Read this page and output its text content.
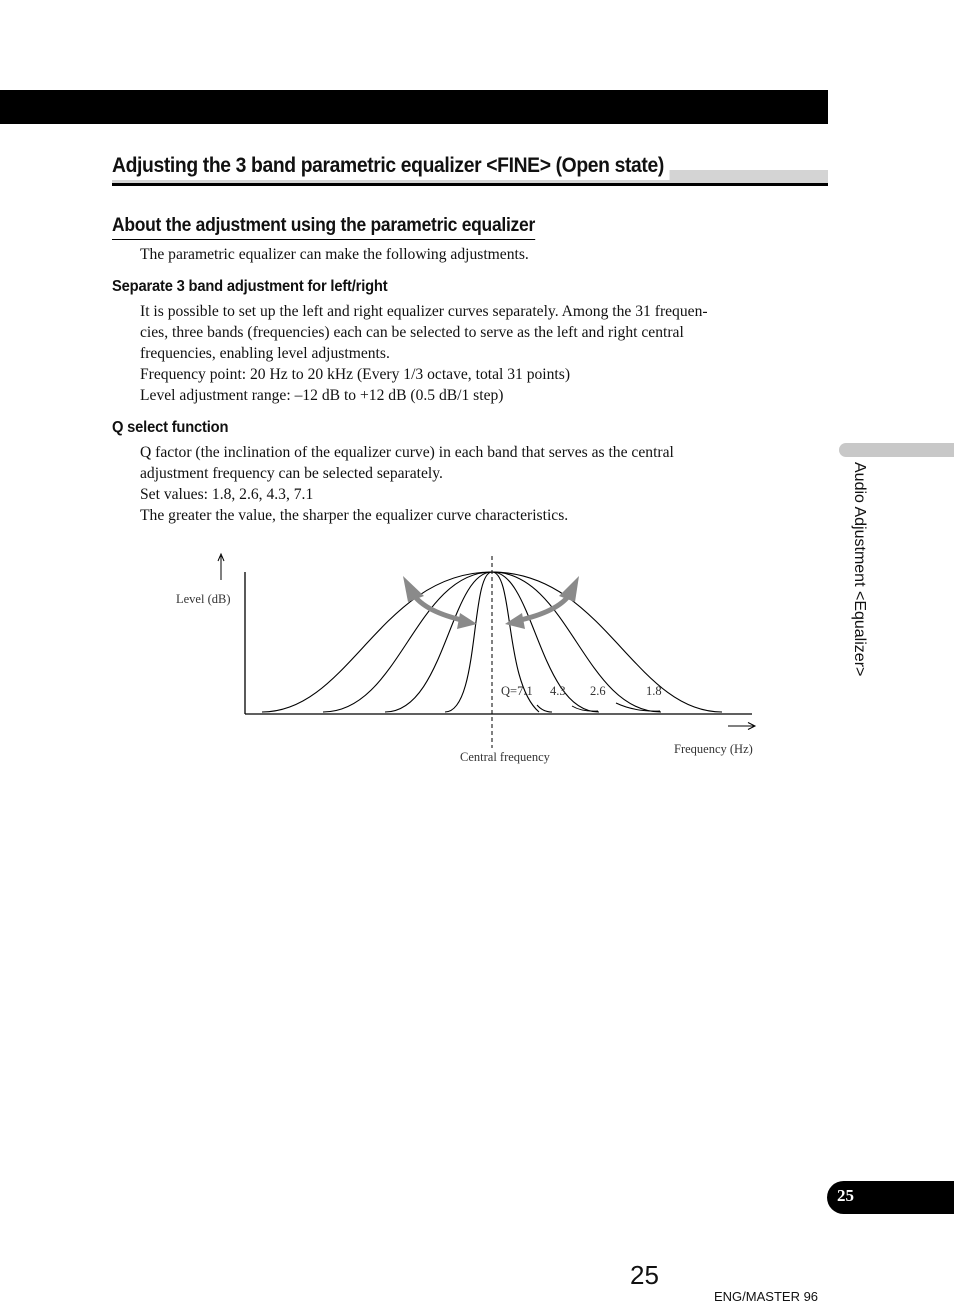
Adjusting the 3 band parametric equalizer <FINE> (Open state)
About the adjustment using the parametric equalizer
The parametric equalizer can make the following adjustments.
Separate 3 band adjustment for left/right
It is possible to set up the left and right equalizer curves separately. Among the 31 frequen-
cies, three bands (frequencies) each can be selected to serve as the left and right central
frequencies, enabling level adjustments.
Frequency point: 20 Hz to 20 kHz (Every 1/3 octave, total 31 points)
Level adjustment range: –12 dB to +12 dB (0.5 dB/1 step)
Q select function
Q factor (the inclination of the equalizer curve) in each band that serves as the central
adjustment frequency can be selected separately.
Set values: 1.8, 2.6, 4.3, 7.1
The greater the value, the sharper the equalizer curve characteristics.
Level (dB)
Frequency (Hz)
Central frequency
Q=7.1 4.3 2.6	1.8
Audio Adjustment <Equalizer>
25
25
ENG/MASTER 96
